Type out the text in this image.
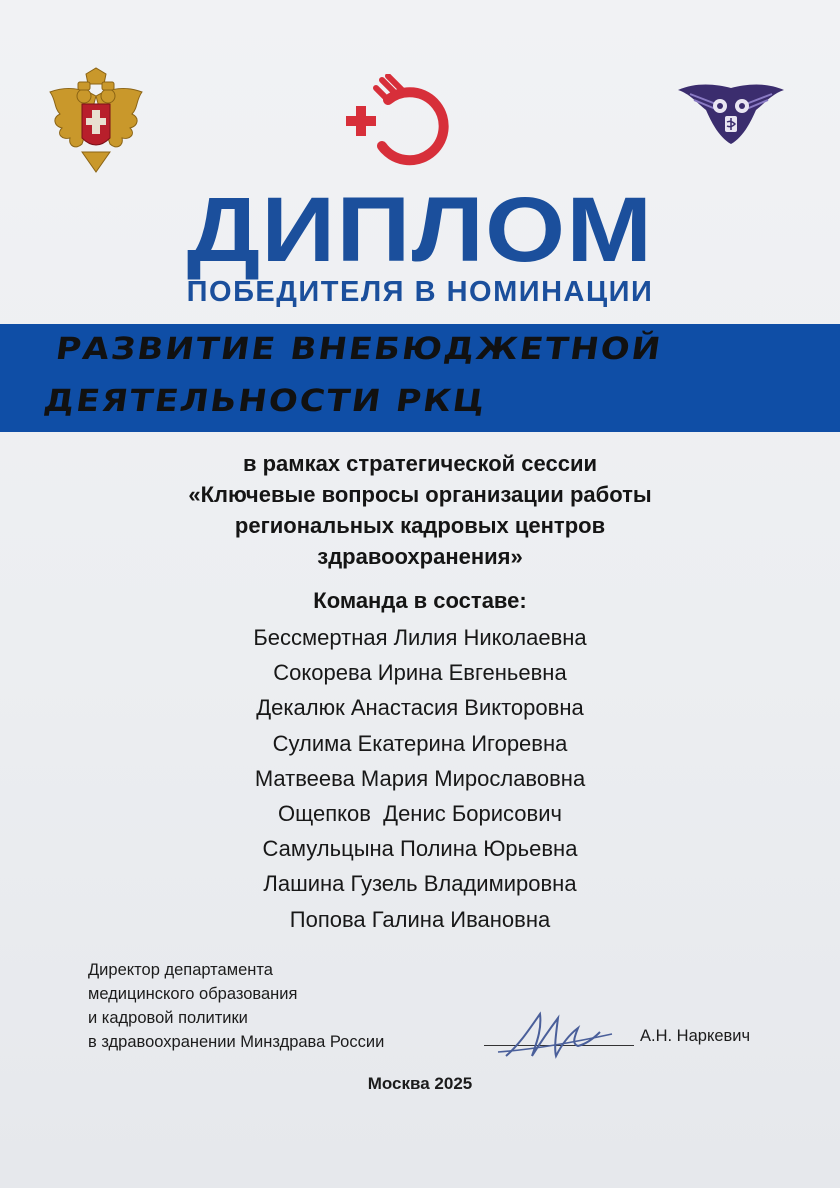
ДИПЛОМ
ПОБЕДИТЕЛЯ В НОМИНАЦИИ
РАЗВИТИЕ ВНЕБЮДЖЕТНОЙ
ДЕЯТЕЛЬНОСТИ РКЦ
в рамках стратегической сессии
«Ключевые вопросы организации работы
региональных кадровых центров
здравоохранения»
Команда в составе:
Бессмертная Лилия Николаевна
Сокорева Ирина Евгеньевна
Декалюк Анастасия Викторовна
Сулима Екатерина Игоревна
Матвеева Мария Мирославовна
Ощепков  Денис Борисович
Самульцына Полина Юрьевна
Лашина Гузель Владимировна
Попова Галина Ивановна
Директор департамента
медицинского образования
и кадровой политики
в здравоохранении Минздрава России	А.Н. Наркевич
Москва 2025
